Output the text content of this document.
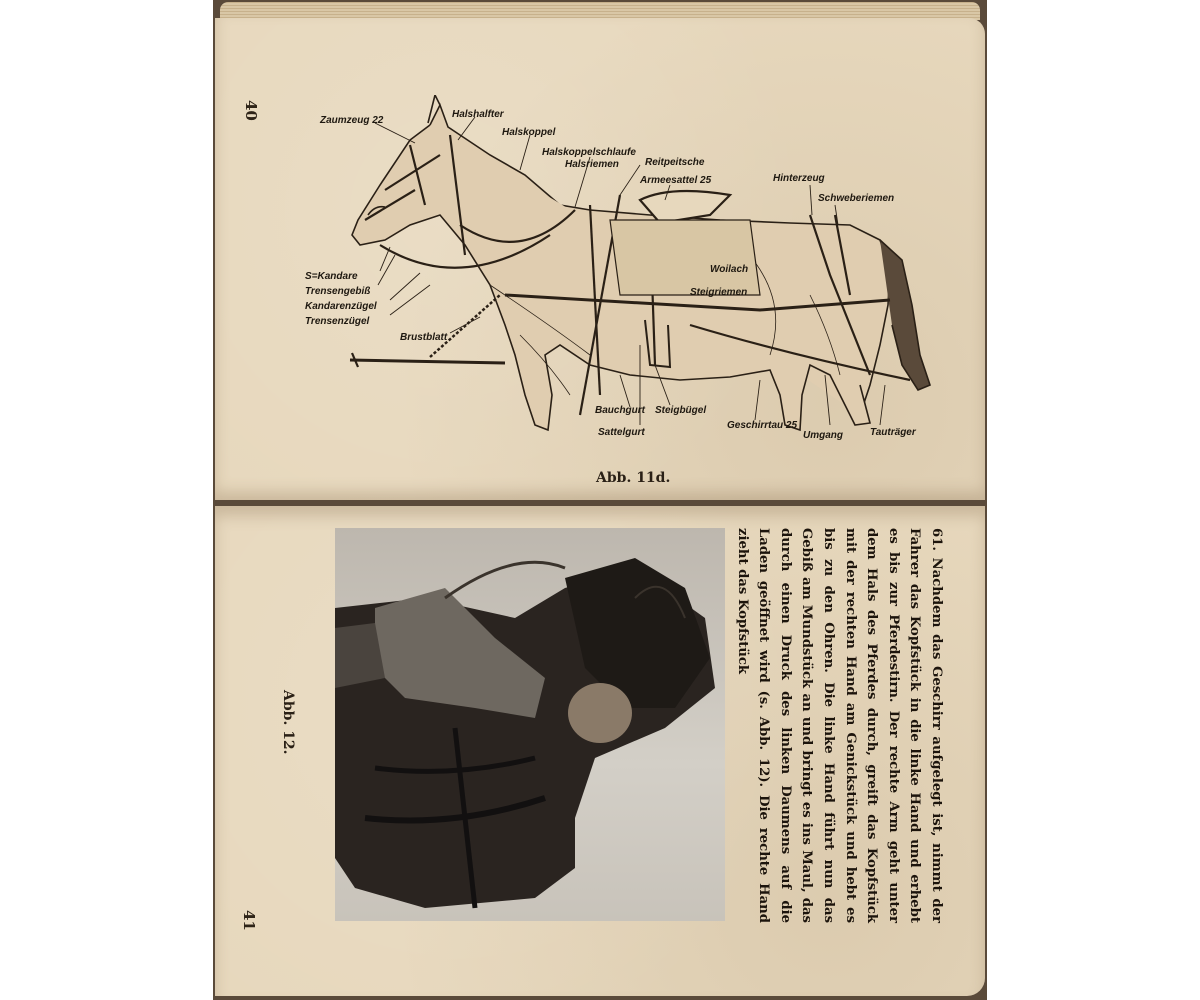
40	Zaumzeug 22
Halshalfter
Halskoppel
Halskoppelschlaufe
Halsriemen	Reitpeitsche
Armeesattel 25	Hinterzeug
Schweberiemen
S=Kandare
Trensengebiß
Kandarenzügel
Trensenzügel
Woilach
Steigriemen
Brustblatt
Bauchgurt Steigbügel
Sattelgurt
Geschirrtau 25
Umgang	Tauträger
Abb. 11d.
41
Abb. 12.	61. Nachdem das Geschirr aufgelegt ist, nimmt der Fahrer das Kopfstück in die linke Hand und erhebt es bis zur Pferdestirn. Der rechte Arm geht unter dem Hals des Pferdes durch, greift das Kopfstück mit der rechten Hand am Genickstück und hebt es bis zu den Ohren. Die linke Hand führt nun das Gebiß am Mundstück an und bringt es ins Maul, das durch einen Druck des linken Daumens auf die Laden geöffnet wird (s. Abb. 12). Die rechte Hand zieht das Kopfstück
